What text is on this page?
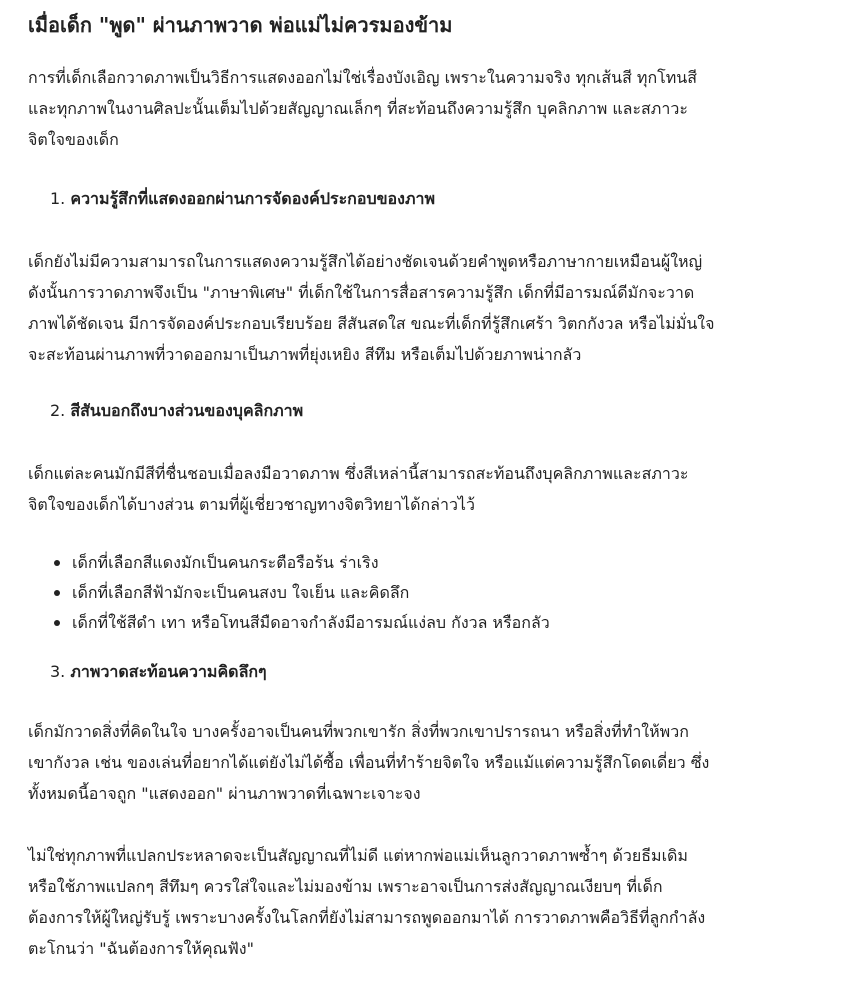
เมื่อเด็ก "พูด" ผ่านภาพวาด พ่อแม่ไม่ควรมองข้าม
การที่เด็กเลือกวาดภาพเป็นวิธีการแสดงออกไม่ใช่เรื่องบังเอิญ เพราะในความจริง ทุกเส้นสี ทุกโทนสี
และทุกภาพในงานศิลปะนั้นเต็มไปด้วยสัญญาณเล็กๆ ที่สะท้อนถึงความรู้สึก บุคลิกภาพ และสภาวะ
จิตใจของเด็ก
1. ความรู้สึกที่แสดงออกผ่านการจัดองค์ประกอบของภาพ
เด็กยังไม่มีความสามารถในการแสดงความรู้สึกได้อย่างชัดเจนด้วยคำพูดหรือภาษากายเหมือนผู้ใหญ่
ดังนั้นการวาดภาพจึงเป็น "ภาษาพิเศษ" ที่เด็กใช้ในการสื่อสารความรู้สึก เด็กที่มีอารมณ์ดีมักจะวาด
ภาพได้ชัดเจน มีการจัดองค์ประกอบเรียบร้อย สีสันสดใส ขณะที่เด็กที่รู้สึกเศร้า วิตกกังวล หรือไม่มั่นใจ
จะสะท้อนผ่านภาพที่วาดออกมาเป็นภาพที่ยุ่งเหยิง สีทึม หรือเต็มไปด้วยภาพน่ากลัว
2. สีสันบอกถึงบางส่วนของบุคลิกภาพ
เด็กแต่ละคนมักมีสีที่ชื่นชอบเมื่อลงมือวาดภาพ ซึ่งสีเหล่านี้สามารถสะท้อนถึงบุคลิกภาพและสภาวะ
จิตใจของเด็กได้บางส่วน ตามที่ผู้เชี่ยวชาญทางจิตวิทยาได้กล่าวไว้
เด็กที่เลือกสีแดงมักเป็นคนกระตือรือร้น ร่าเริง
เด็กที่เลือกสีฟ้ามักจะเป็นคนสงบ ใจเย็น และคิดลึก
เด็กที่ใช้สีดำ เทา หรือโทนสีมืดอาจกำลังมีอารมณ์แง่ลบ กังวล หรือกลัว
3. ภาพวาดสะท้อนความคิดลึกๆ
เด็กมักวาดสิ่งที่คิดในใจ บางครั้งอาจเป็นคนที่พวกเขารัก สิ่งที่พวกเขาปรารถนา หรือสิ่งที่ทำให้พวก
เขากังวล เช่น ของเล่นที่อยากได้แต่ยังไม่ได้ซื้อ เพื่อนที่ทำร้ายจิตใจ หรือแม้แต่ความรู้สึกโดดเดี่ยว ซึ่ง
ทั้งหมดนี้อาจถูก "แสดงออก" ผ่านภาพวาดที่เฉพาะเจาะจง
ไม่ใช่ทุกภาพที่แปลกประหลาดจะเป็นสัญญาณที่ไม่ดี แต่หากพ่อแม่เห็นลูกวาดภาพซ้ำๆ ด้วยธีมเดิม
หรือใช้ภาพแปลกๆ สีทึมๆ ควรใส่ใจและไม่มองข้าม เพราะอาจเป็นการส่งสัญญาณเงียบๆ ที่เด็ก
ต้องการให้ผู้ใหญ่รับรู้ เพราะบางครั้งในโลกที่ยังไม่สามารถพูดออกมาได้ การวาดภาพคือวิธีที่ลูกกำลัง
ตะโกนว่า "ฉันต้องการให้คุณฟัง"
